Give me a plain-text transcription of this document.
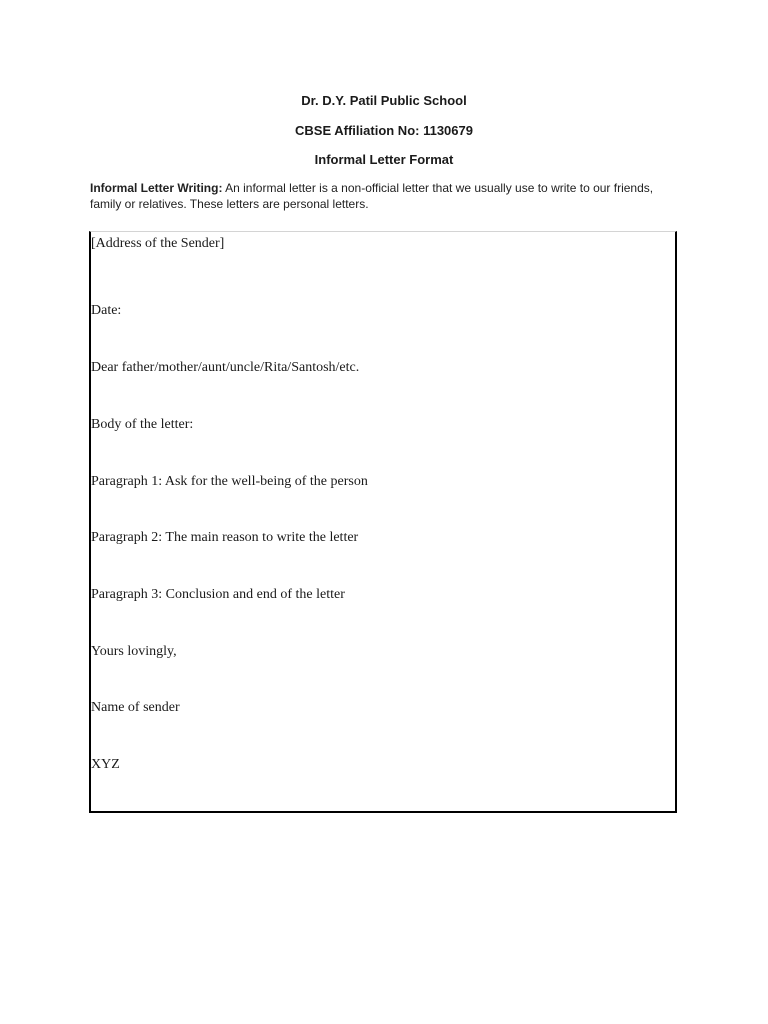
Dr. D.Y. Patil Public School
CBSE Affiliation No: 1130679
Informal Letter Format
Informal Letter Writing: An informal letter is a non-official letter that we usually use to write to our friends, family or relatives. These letters are personal letters.
[Address of the Sender]
Date:
Dear father/mother/aunt/uncle/Rita/Santosh/etc.
Body of the letter:
Paragraph 1: Ask for the well-being of the person
Paragraph 2: The main reason to write the letter
Paragraph 3: Conclusion and end of the letter
Yours lovingly,
Name of sender
XYZ
